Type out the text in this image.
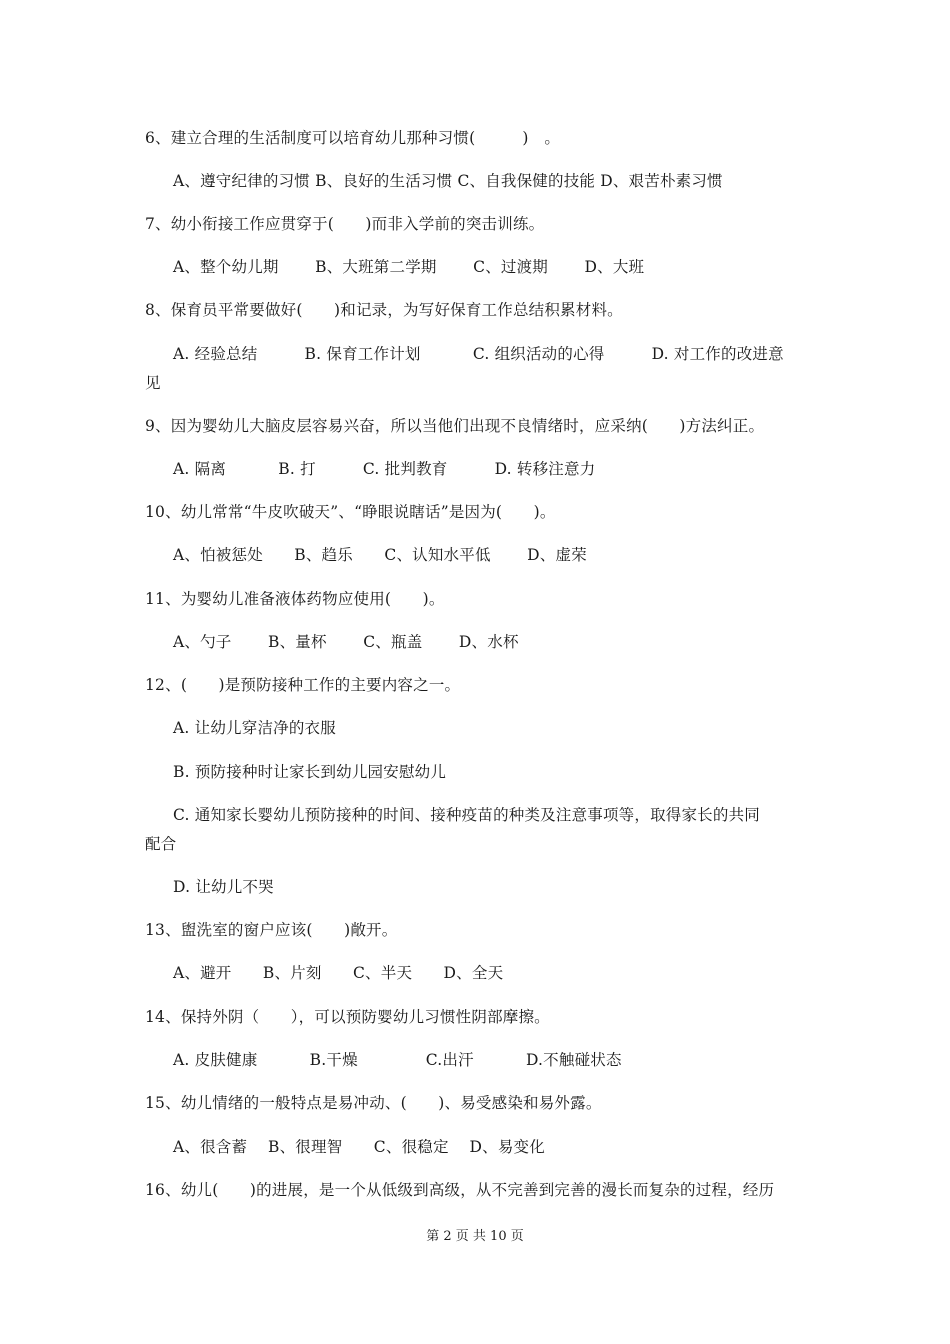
6、建立合理的生活制度可以培育幼儿那种习惯(　　　)　。
A、遵守纪律的习惯 B、良好的生活习惯 C、自我保健的技能 D、艰苦朴素习惯
7、幼小衔接工作应贯穿于(　　)而非入学前的突击训练。
A、整个幼儿期　　 B、大班第二学期　　 C、过渡期　　 D、大班
8、保育员平常要做好(　　)和记录，为写好保育工作总结积累材料。
A. 经验总结　　　B. 保育工作计划　　　 C. 组织活动的心得　　　D. 对工作的改进意
见
9、因为婴幼儿大脑皮层容易兴奋，所以当他们出现不良情绪时，应采纳(　　)方法纠正。
A. 隔离　　　 B. 打　　　C. 批判教育　　　D. 转移注意力
10、幼儿常常“牛皮吹破天”、“睁眼说瞎话”是因为(　　)。
A、怕被惩处　　B、趋乐　　C、认知水平低　　 D、虚荣
11、为婴幼儿准备液体药物应使用(　　)。
A、勺子　　 B、量杯　　 C、瓶盖　　 D、水杯
12、(　　)是预防接种工作的主要内容之一。
A. 让幼儿穿洁净的衣服
B. 预防接种时让家长到幼儿园安慰幼儿
C. 通知家长婴幼儿预防接种的时间、接种疫苗的种类及注意事项等，取得家长的共同
配合
D. 让幼儿不哭
13、盥洗室的窗户应该(　　)敞开。
A、避开　　B、片刻　　C、半天　　D、全天
14、保持外阴（　　），可以预防婴幼儿习惯性阴部摩擦。
A. 皮肤健康　　　 B.干燥　　　　 C.出汗　　　 D.不触碰状态
15、幼儿情绪的一般特点是易冲动、(　　)、易受感染和易外露。
A、很含蓄　 B、很理智　　C、很稳定　 D、易变化
16、幼儿(　　)的进展，是一个从低级到高级，从不完善到完善的漫长而复杂的过程，经历
第 2 页 共 10 页
